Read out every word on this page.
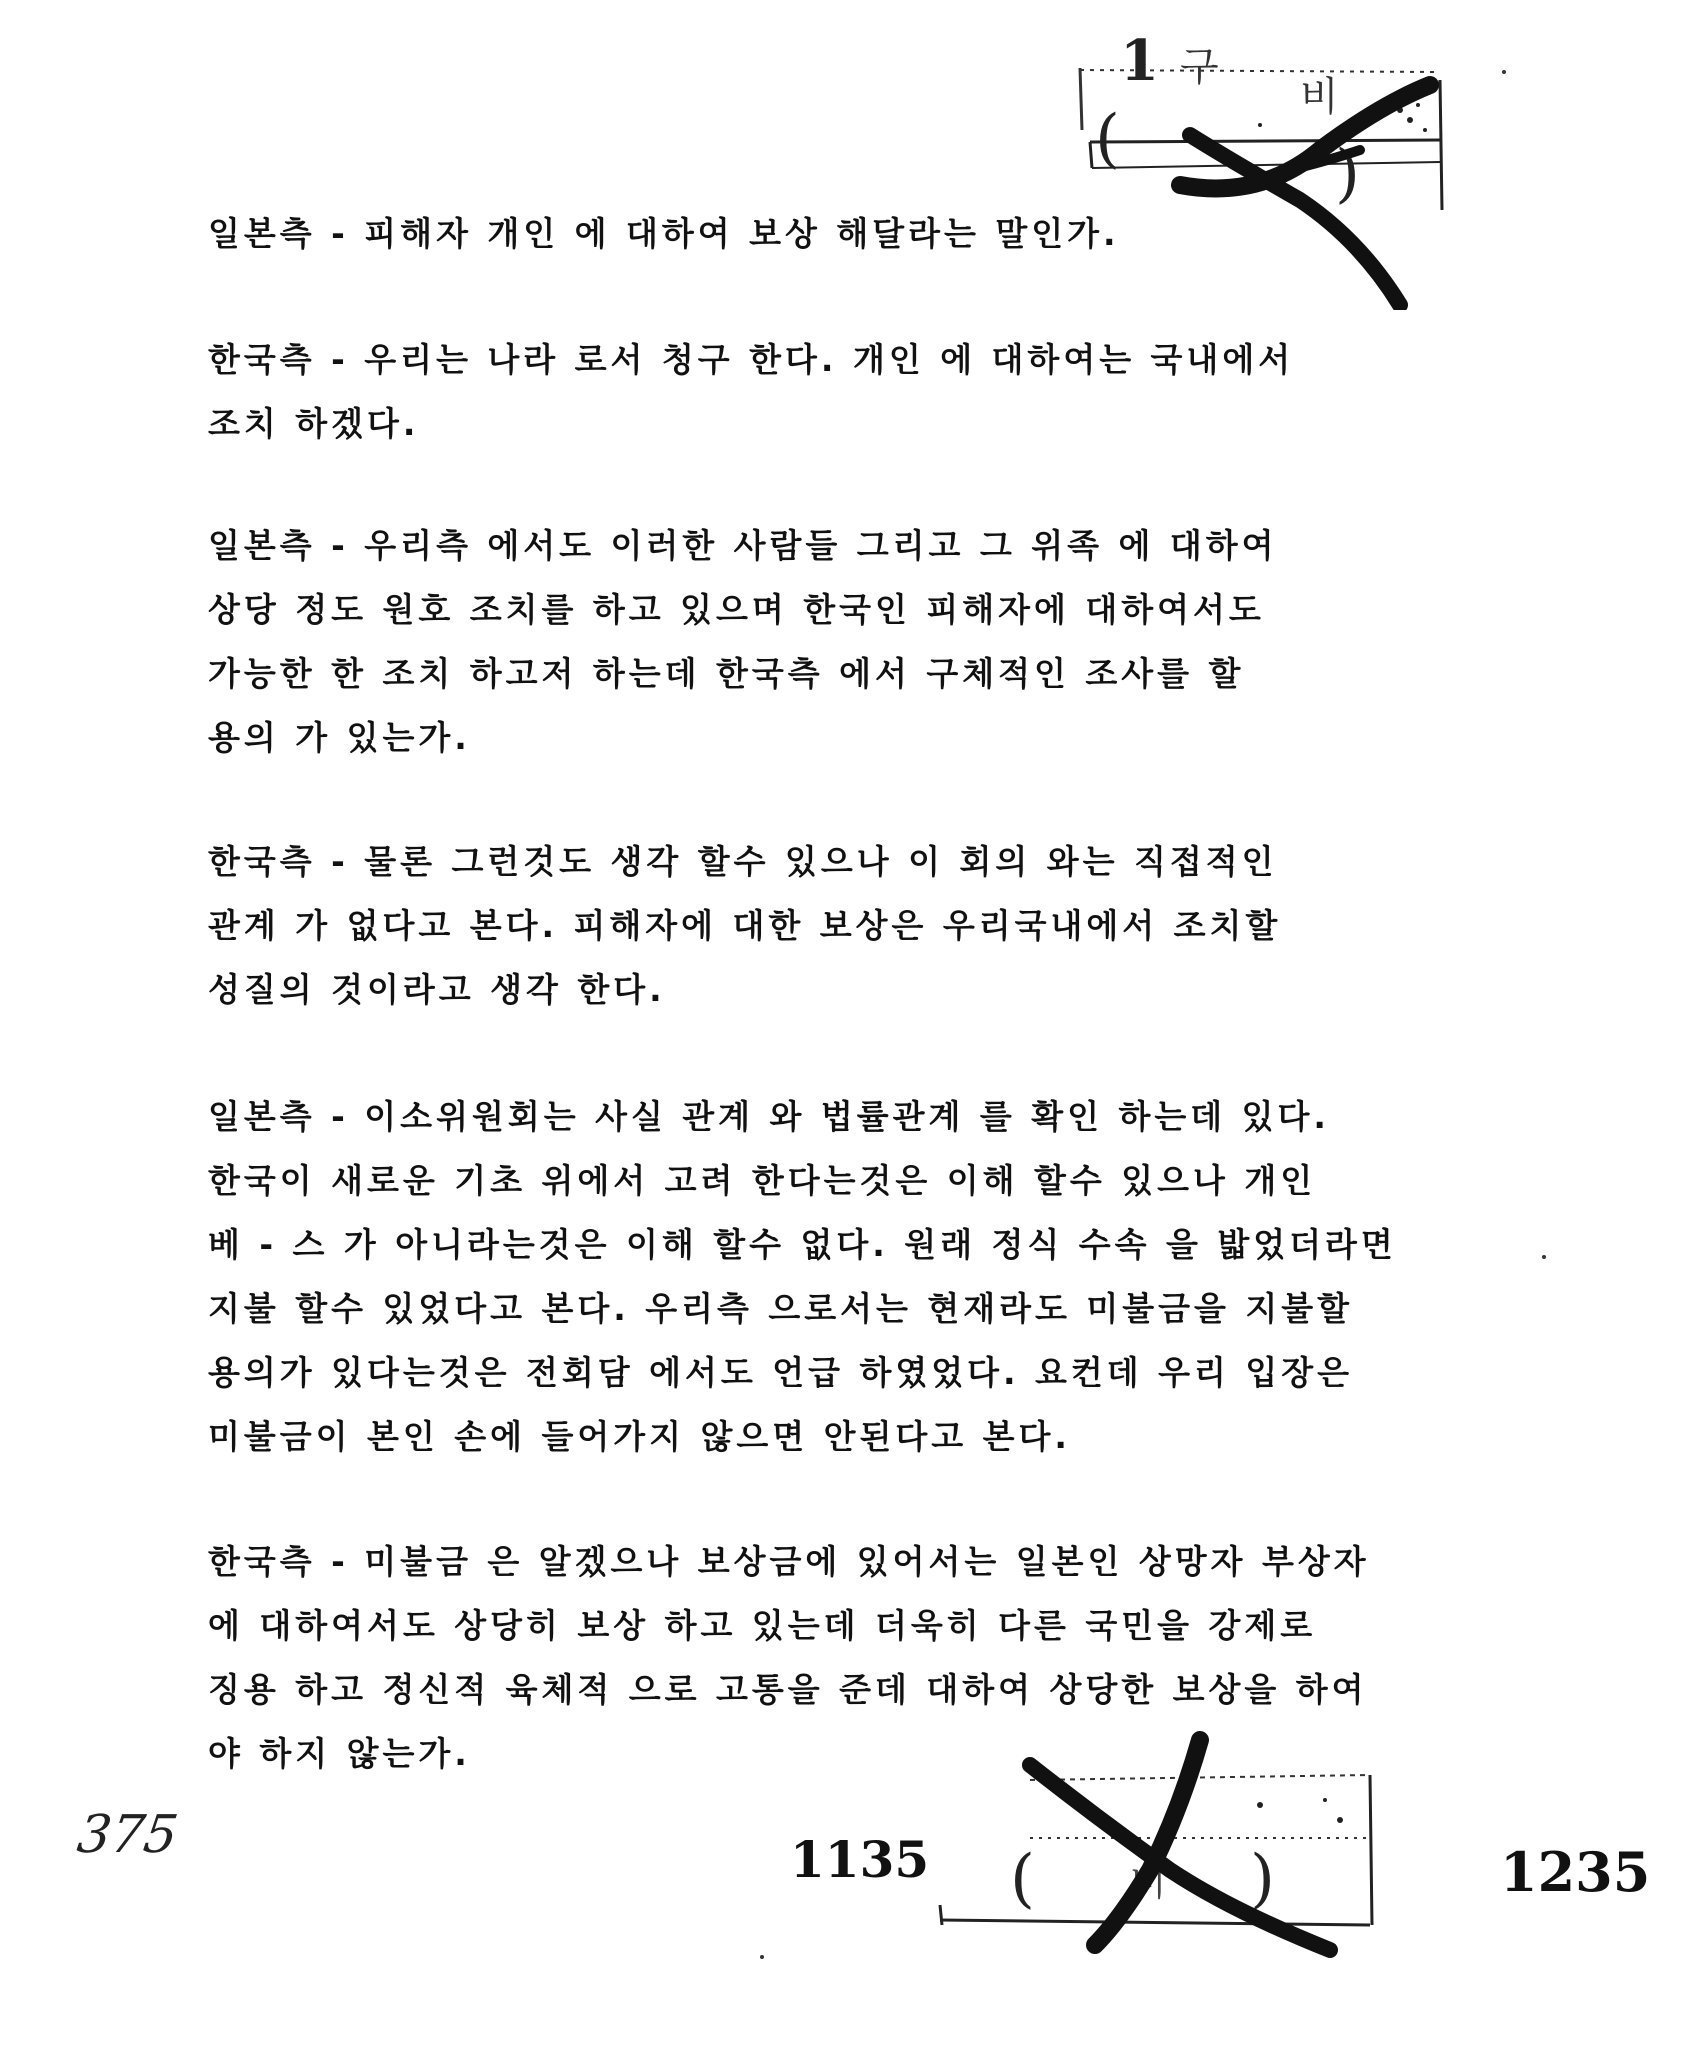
1 구
비
(	)
일본측 - 피해자 개인 에 대하여 보상 해달라는 말인가.
한국측 - 우리는 나라 로서 청구 한다. 개인 에 대하여는 국내에서
조치 하겠다.
일본측 - 우리측 에서도 이러한 사람들 그리고 그 위족 에 대하여
상당 정도 원호 조치를 하고 있으며 한국인 피해자에 대하여서도
가능한 한 조치 하고저 하는데 한국측 에서 구체적인 조사를 할
용의 가 있는가.
한국측 - 물론 그런것도 생각 할수 있으나 이 회의 와는 직접적인
관계 가 없다고 본다. 피해자에 대한 보상은 우리국내에서 조치할
성질의 것이라고 생각 한다.
일본측 - 이소위원회는 사실 관계 와 법률관계 를 확인 하는데 있다.
한국이 새로운 기초 위에서 고려 한다는것은 이해 할수 있으나 개인
베 - 스 가 아니라는것은 이해 할수 없다. 원래 정식 수속 을 밟었더라면
지불 할수 있었다고 본다. 우리측 으로서는 현재라도 미불금을 지불할
용의가 있다는것은 전회담 에서도 언급 하였었다. 요컨데 우리 입장은
미불금이 본인 손에 들어가지 않으면 안된다고 본다.
한국측 - 미불금 은 알겠으나 보상금에 있어서는 일본인 상망자 부상자
에 대하여서도 상당히 보상 하고 있는데 더욱히 다른 국민을 강제로
징용 하고 정신적 육체적 으로 고통을 준데 대하여 상당한 보상을 하여
야 하지 않는가.
375
(	)
비
1135	1235
